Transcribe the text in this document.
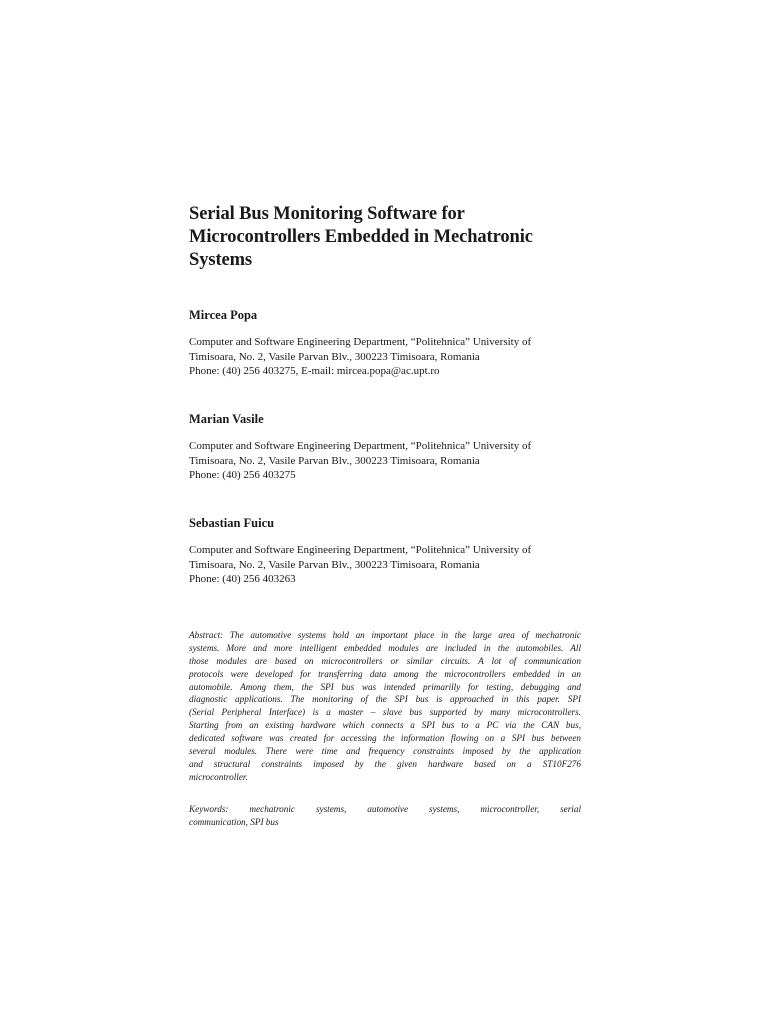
Serial Bus Monitoring Software for
Microcontrollers Embedded in Mechatronic
Systems

Mircea Popa

Computer and Software Engineering Department, “Politehnica” University of
Timisoara, No. 2, Vasile Parvan Blv., 300223 Timisoara, Romania
Phone: (40) 256 403275, E-mail: mircea.popa@ac.upt.ro

Marian Vasile

Computer and Software Engineering Department, “Politehnica” University of
Timisoara, No. 2, Vasile Parvan Blv., 300223 Timisoara, Romania
Phone: (40) 256 403275

Sebastian Fuicu

Computer and Software Engineering Department, “Politehnica” University of
Timisoara, No. 2, Vasile Parvan Blv., 300223 Timisoara, Romania
Phone: (40) 256 403263

Abstract: The automotive systems hold an important place in the large area of mechatronic
systems. More and more intelligent embedded modules are included in the automobiles. All
those modules are based on microcontrollers or similar circuits. A lot of communication
protocols were developed for transferring data among the microcontrollers embedded in an
automobile. Among them, the SPI bus was intended primarilly for testing, debugging and
diagnostic applications. The monitoring of the SPI bus is approached in this paper. SPI
(Serial Peripheral Interface) is a master – slave bus supported by many microcontrollers.
Starting from an existing hardware which connects a SPI bus to a PC via the CAN bus,
dedicated software was created for accessing the information flowing on a SPI bus between
several modules. There were time and frequency constraints imposed by the application
and structural constraints imposed by the given hardware based on a ST10F276
microcontroller.
Keywords: mechatronic systems, automotive systems, microcontroller, serial
communication, SPI bus
